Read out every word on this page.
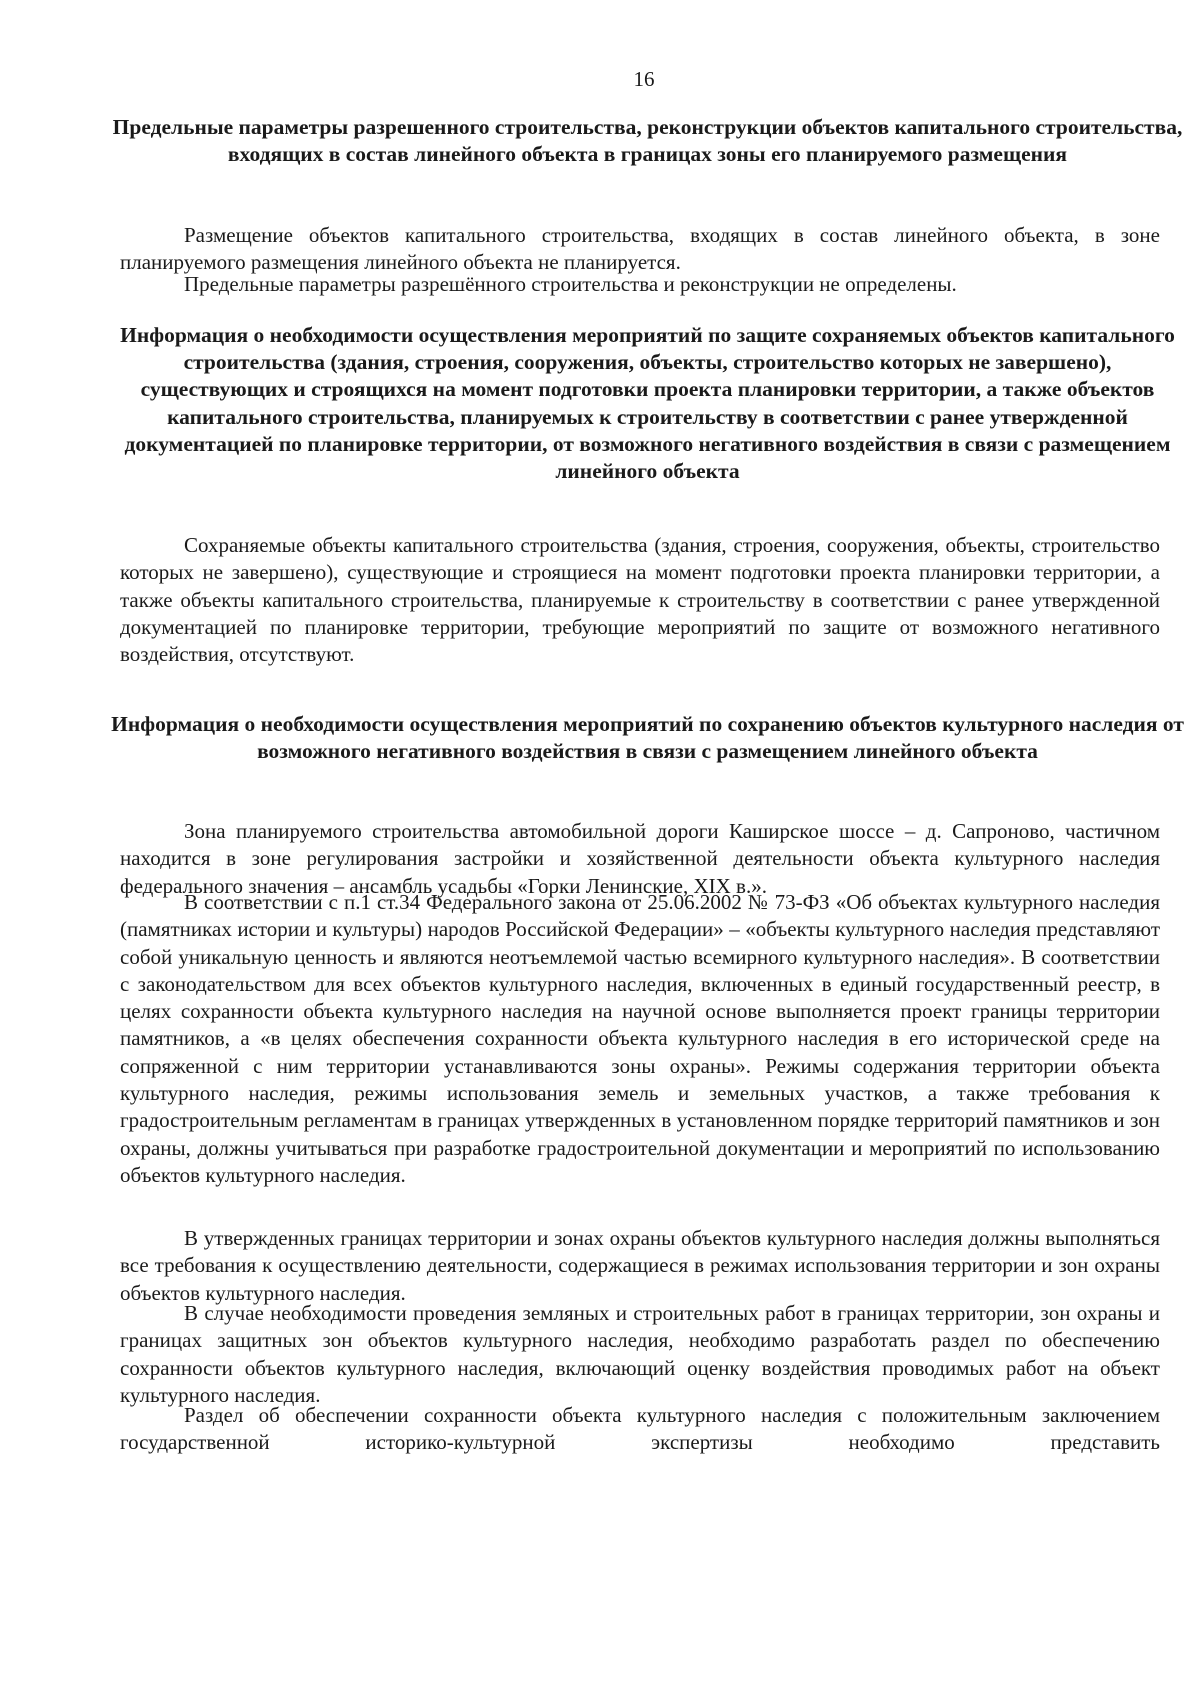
16
Предельные параметры разрешенного строительства, реконструкции объектов капитального строительства, входящих в состав линейного объекта в границах зоны его планируемого размещения

Размещение объектов капитального строительства, входящих в состав линейного объекта, в зоне планируемого размещения линейного объекта не планируется.

Предельные параметры разрешённого строительства и реконструкции не определены.

Информация о необходимости осуществления мероприятий по защите сохраняемых объектов капитального строительства (здания, строения, сооружения, объекты, строительство которых не завершено), существующих и строящихся на момент подготовки проекта планировки территории, а также объектов капитального строительства, планируемых к строительству в соответствии с ранее утвержденной документацией по планировке территории, от возможного негативного воздействия в связи с размещением линейного объекта

Сохраняемые объекты капитального строительства (здания, строения, сооружения, объекты, строительство которых не завершено), существующие и строящиеся на момент подготовки проекта планировки территории, а также объекты капитального строительства, планируемые к строительству в соответствии с ранее утвержденной документацией по планировке территории, требующие мероприятий по защите от возможного негативного воздействия, отсутствуют.

Информация о необходимости осуществления мероприятий по сохранению объектов культурного наследия от возможного негативного воздействия в связи с размещением линейного объекта

Зона планируемого строительства автомобильной дороги Каширское шоссе – д. Сапроново, частичном находится в зоне регулирования застройки и хозяйственной деятельности объекта культурного наследия федерального значения – ансамбль усадьбы «Горки Ленинские, XIX в.».

В соответствии с п.1 ст.34 Федерального закона от 25.06.2002 № 73-ФЗ «Об объектах культурного наследия (памятниках истории и культуры) народов Российской Федерации» – «объекты культурного наследия представляют собой уникальную ценность и являются неотъемлемой частью всемирного культурного наследия». В соответствии с законодательством для всех объектов культурного наследия, включенных в единый государственный реестр, в целях сохранности объекта культурного наследия на научной основе выполняется проект границы территории памятников, а «в целях обеспечения сохранности объекта культурного наследия в его исторической среде на сопряженной с ним территории устанавливаются зоны охраны». Режимы содержания территории объекта культурного наследия, режимы использования земель и земельных участков, а также требования к градостроительным регламентам в границах утвержденных в установленном порядке территорий памятников и зон охраны, должны учитываться при разработке градостроительной документации и мероприятий по использованию объектов культурного наследия.

В утвержденных границах территории и зонах охраны объектов культурного наследия должны выполняться все требования к осуществлению деятельности, содержащиеся в режимах использования территории и зон охраны объектов культурного наследия.

В случае необходимости проведения земляных и строительных работ в границах территории, зон охраны и границах защитных зон объектов культурного наследия, необходимо разработать раздел по обеспечению сохранности объектов культурного наследия, включающий оценку воздействия проводимых работ на объект культурного наследия.

Раздел об обеспечении сохранности объекта культурного наследия с положительным заключением государственной историко-культурной экспертизы необходимо представить
